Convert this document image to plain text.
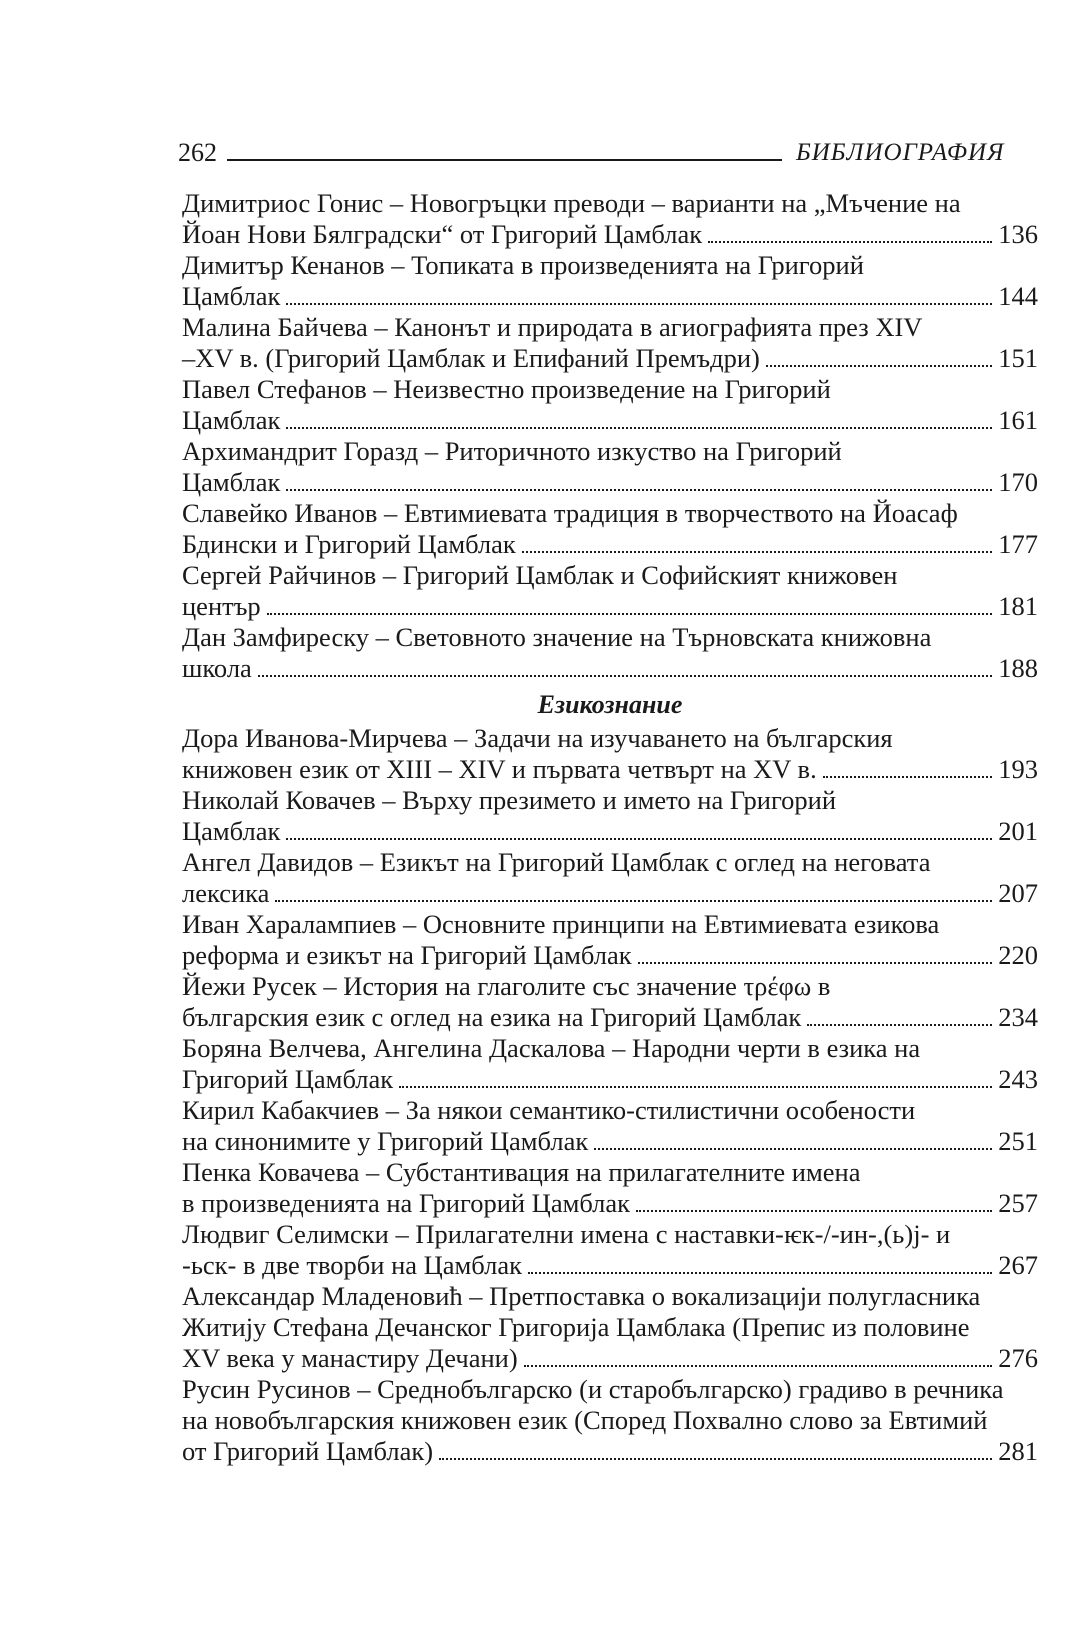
262	БИБЛИОГРАФИЯ
Димитриос Гонис – Новогръцки преводи – варианти на „Мъчение на
Йоан Нови Бялградски“ от Григорий Цамблак	136
Димитър Кенанов – Топиката в произведенията на Григорий
Цамблак	144
Малина Байчева – Канонът и природата в агиографията през XIV
–XV в. (Григорий Цамблак и Епифаний Премъдри)	151
Павел Стефанов – Неизвестно произведение на Григорий
Цамблак	161
Архимандрит Горазд – Риторичното изкуство на Григорий
Цамблак	170
Славейко Иванов – Евтимиевата традиция в творчеството на Йоасаф
Бдински и Григорий Цамблак	177
Сергей Райчинов – Григорий Цамблак и Софийският книжовен
център	181
Дан Замфиреску – Световното значение на Търновската книжовна
школа	188
Езикознание
Дора Иванова-Мирчева – Задачи на изучаването на българския
книжовен език от XIII – XIV и първата четвърт на XV в.	193
Николай Ковачев – Върху презимето и името на Григорий
Цамблак	201
Ангел Давидов – Езикът на Григорий Цамблак с оглед на неговата
лексика	207
Иван Харалампиев – Основните принципи на Евтимиевата езикова
реформа и езикът на Григорий Цамблак	220
Йежи Русек – История на глаголите със значение τρέφω в
българския език с оглед на езика на Григорий Цамблак	234
Боряна Велчева, Ангелина Даскалова – Народни черти в езика на
Григорий Цамблак	243
Кирил Кабакчиев – За някои семантико-стилистични особености
на синонимите у Григорий Цамблак	251
Пенка Ковачева – Субстантивация на прилагателните имена
в произведенията на Григорий Цамблак	257
Людвиг Селимски – Прилагателни имена с наставки-ѥк-/-ин-,(ь)j- и
-ьск- в две творби на Цамблак	267
Александар Младеновић – Претпоставка о вокализацији полугласника
Житију Стефана Дечанског Григорија Цамблака (Препис из половине
XV века у манастиру Дечани)	276
Русин Русинов – Среднобългарско (и старобългарско) градиво в речника
на новобългарския книжовен език (Според Похвално слово за Евтимий
от Григорий Цамблак)	281
